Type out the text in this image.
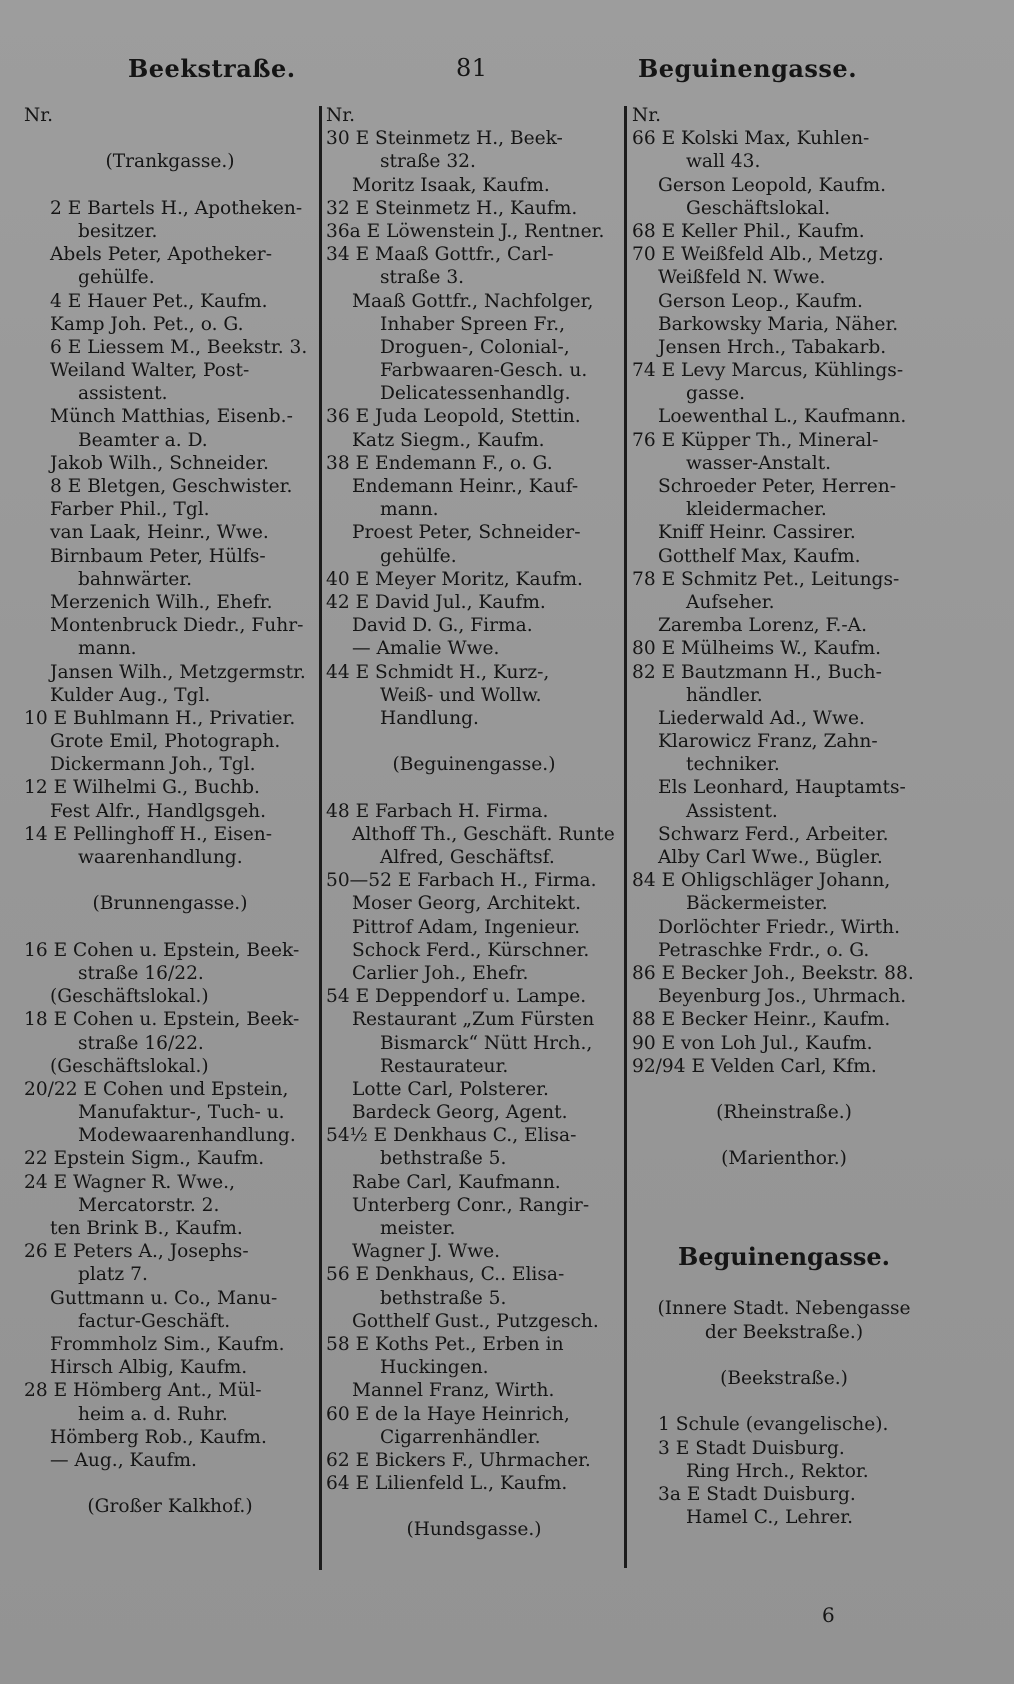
Beekstraße.	81	Beguinengasse.
Nr.
(Trankgasse.)
2 E Bartels H., Apotheken-
besitzer.
Abels Peter, Apotheker-
gehülfe.
4 E Hauer Pet., Kaufm.
Kamp Joh. Pet., o. G.
6 E Liessem M., Beekstr. 3.
Weiland Walter, Post-
assistent.
Münch Matthias, Eisenb.-
Beamter a. D.
Jakob Wilh., Schneider.
8 E Bletgen, Geschwister.
Farber Phil., Tgl.
van Laak, Heinr., Wwe.
Birnbaum Peter, Hülfs-
bahnwärter.
Merzenich Wilh., Ehefr.
Montenbruck Diedr., Fuhr-
mann.
Jansen Wilh., Metzgermstr.
Kulder Aug., Tgl.
10 E Buhlmann H., Privatier.
Grote Emil, Photograph.
Dickermann Joh., Tgl.
12 E Wilhelmi G., Buchb.
Fest Alfr., Handlgsgeh.
14 E Pellinghoff H., Eisen-
waarenhandlung.
(Brunnengasse.)
16 E Cohen u. Epstein, Beek-
straße 16/22.
(Geschäftslokal.)
18 E Cohen u. Epstein, Beek-
straße 16/22.
(Geschäftslokal.)
20/22 E Cohen und Epstein,
Manufaktur-, Tuch- u.
Modewaarenhandlung.
22 Epstein Sigm., Kaufm.
24 E Wagner R. Wwe.,
Mercatorstr. 2.
ten Brink B., Kaufm.
26 E Peters A., Josephs-
platz 7.
Guttmann u. Co., Manu-
factur-Geschäft.
Frommholz Sim., Kaufm.
Hirsch Albig, Kaufm.
28 E Hömberg Ant., Mül-
heim a. d. Ruhr.
Hömberg Rob., Kaufm.
— Aug., Kaufm.
(Großer Kalkhof.)
Nr.
30 E Steinmetz H., Beek-
straße 32.
Moritz Isaak, Kaufm.
32 E Steinmetz H., Kaufm.
36a E Löwenstein J., Rentner.
34 E Maaß Gottfr., Carl-
straße 3.
Maaß Gottfr., Nachfolger,
Inhaber Spreen Fr.,
Droguen-, Colonial-,
Farbwaaren-Gesch. u.
Delicatessenhandlg.
36 E Juda Leopold, Stettin.
Katz Siegm., Kaufm.
38 E Endemann F., o. G.
Endemann Heinr., Kauf-
mann.
Proest Peter, Schneider-
gehülfe.
40 E Meyer Moritz, Kaufm.
42 E David Jul., Kaufm.
David D. G., Firma.
— Amalie Wwe.
44 E Schmidt H., Kurz-,
Weiß- und Wollw.
Handlung.
(Beguinengasse.)
48 E Farbach H. Firma.
Althoff Th., Geschäft. Runte
Alfred, Geschäftsf.
50—52 E Farbach H., Firma.
Moser Georg, Architekt.
Pittrof Adam, Ingenieur.
Schock Ferd., Kürschner.
Carlier Joh., Ehefr.
54 E Deppendorf u. Lampe.
Restaurant „Zum Fürsten
Bismarck“ Nütt Hrch.,
Restaurateur.
Lotte Carl, Polsterer.
Bardeck Georg, Agent.
54½ E Denkhaus C., Elisa-
bethstraße 5.
Rabe Carl, Kaufmann.
Unterberg Conr., Rangir-
meister.
Wagner J. Wwe.
56 E Denkhaus, C.. Elisa-
bethstraße 5.
Gotthelf Gust., Putzgesch.
58 E Koths Pet., Erben in
Huckingen.
Mannel Franz, Wirth.
60 E de la Haye Heinrich,
Cigarrenhändler.
62 E Bickers F., Uhrmacher.
64 E Lilienfeld L., Kaufm.
(Hundsgasse.)
Nr.
66 E Kolski Max, Kuhlen-
wall 43.
Gerson Leopold, Kaufm.
Geschäftslokal.
68 E Keller Phil., Kaufm.
70 E Weißfeld Alb., Metzg.
Weißfeld N. Wwe.
Gerson Leop., Kaufm.
Barkowsky Maria, Näher.
Jensen Hrch., Tabakarb.
74 E Levy Marcus, Kühlings-
gasse.
Loewenthal L., Kaufmann.
76 E Küpper Th., Mineral-
wasser-Anstalt.
Schroeder Peter, Herren-
kleidermacher.
Kniff Heinr. Cassirer.
Gotthelf Max, Kaufm.
78 E Schmitz Pet., Leitungs-
Aufseher.
Zaremba Lorenz, F.-A.
80 E Mülheims W., Kaufm.
82 E Bautzmann H., Buch-
händler.
Liederwald Ad., Wwe.
Klarowicz Franz, Zahn-
techniker.
Els Leonhard, Hauptamts-
Assistent.
Schwarz Ferd., Arbeiter.
Alby Carl Wwe., Bügler.
84 E Ohligschläger Johann,
Bäckermeister.
Dorlöchter Friedr., Wirth.
Petraschke Frdr., o. G.
86 E Becker Joh., Beekstr. 88.
Beyenburg Jos., Uhrmach.
88 E Becker Heinr., Kaufm.
90 E von Loh Jul., Kaufm.
92/94 E Velden Carl, Kfm.
(Rheinstraße.)
(Marienthor.)
Beguinengasse.
(Innere Stadt. Nebengasse
der Beekstraße.)
(Beekstraße.)
1 Schule (evangelische).
3 E Stadt Duisburg.
Ring Hrch., Rektor.
3a E Stadt Duisburg.
Hamel C., Lehrer.
6
